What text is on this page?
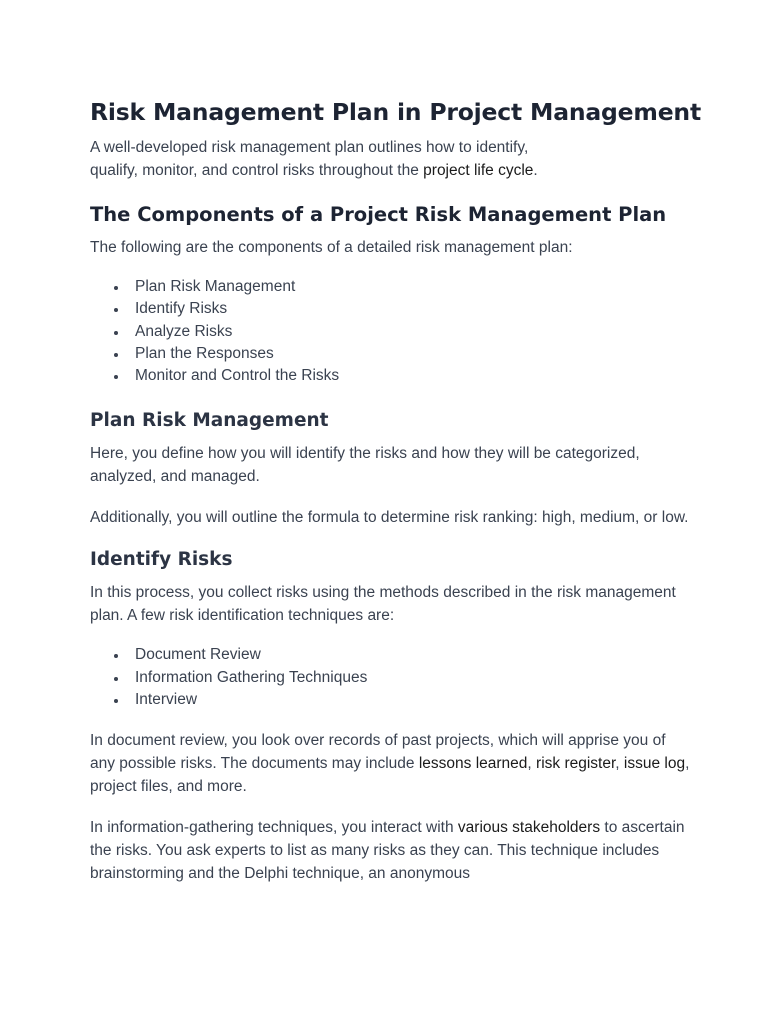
Risk Management Plan in Project Management

A well-developed risk management plan outlines how to identify,
qualify, monitor, and control risks throughout the project life cycle.

The Components of a Project Risk Management Plan

The following are the components of a detailed risk management plan:

Plan Risk Management
Identify Risks
Analyze Risks
Plan the Responses
Monitor and Control the Risks
Plan Risk Management

Here, you define how you will identify the risks and how they will be categorized, analyzed, and managed.

Additionally, you will outline the formula to determine risk ranking: high, medium, or low.

Identify Risks

In this process, you collect risks using the methods described in the risk management plan. A few risk identification techniques are:

Document Review
Information Gathering Techniques
Interview

In document review, you look over records of past projects, which will apprise you of any possible risks. The documents may include lessons learned, risk register, issue log, project files, and more.

In information-gathering techniques, you interact with various stakeholders to ascertain the risks. You ask experts to list as many risks as they can. This technique includes brainstorming and the Delphi technique, an anonymous
